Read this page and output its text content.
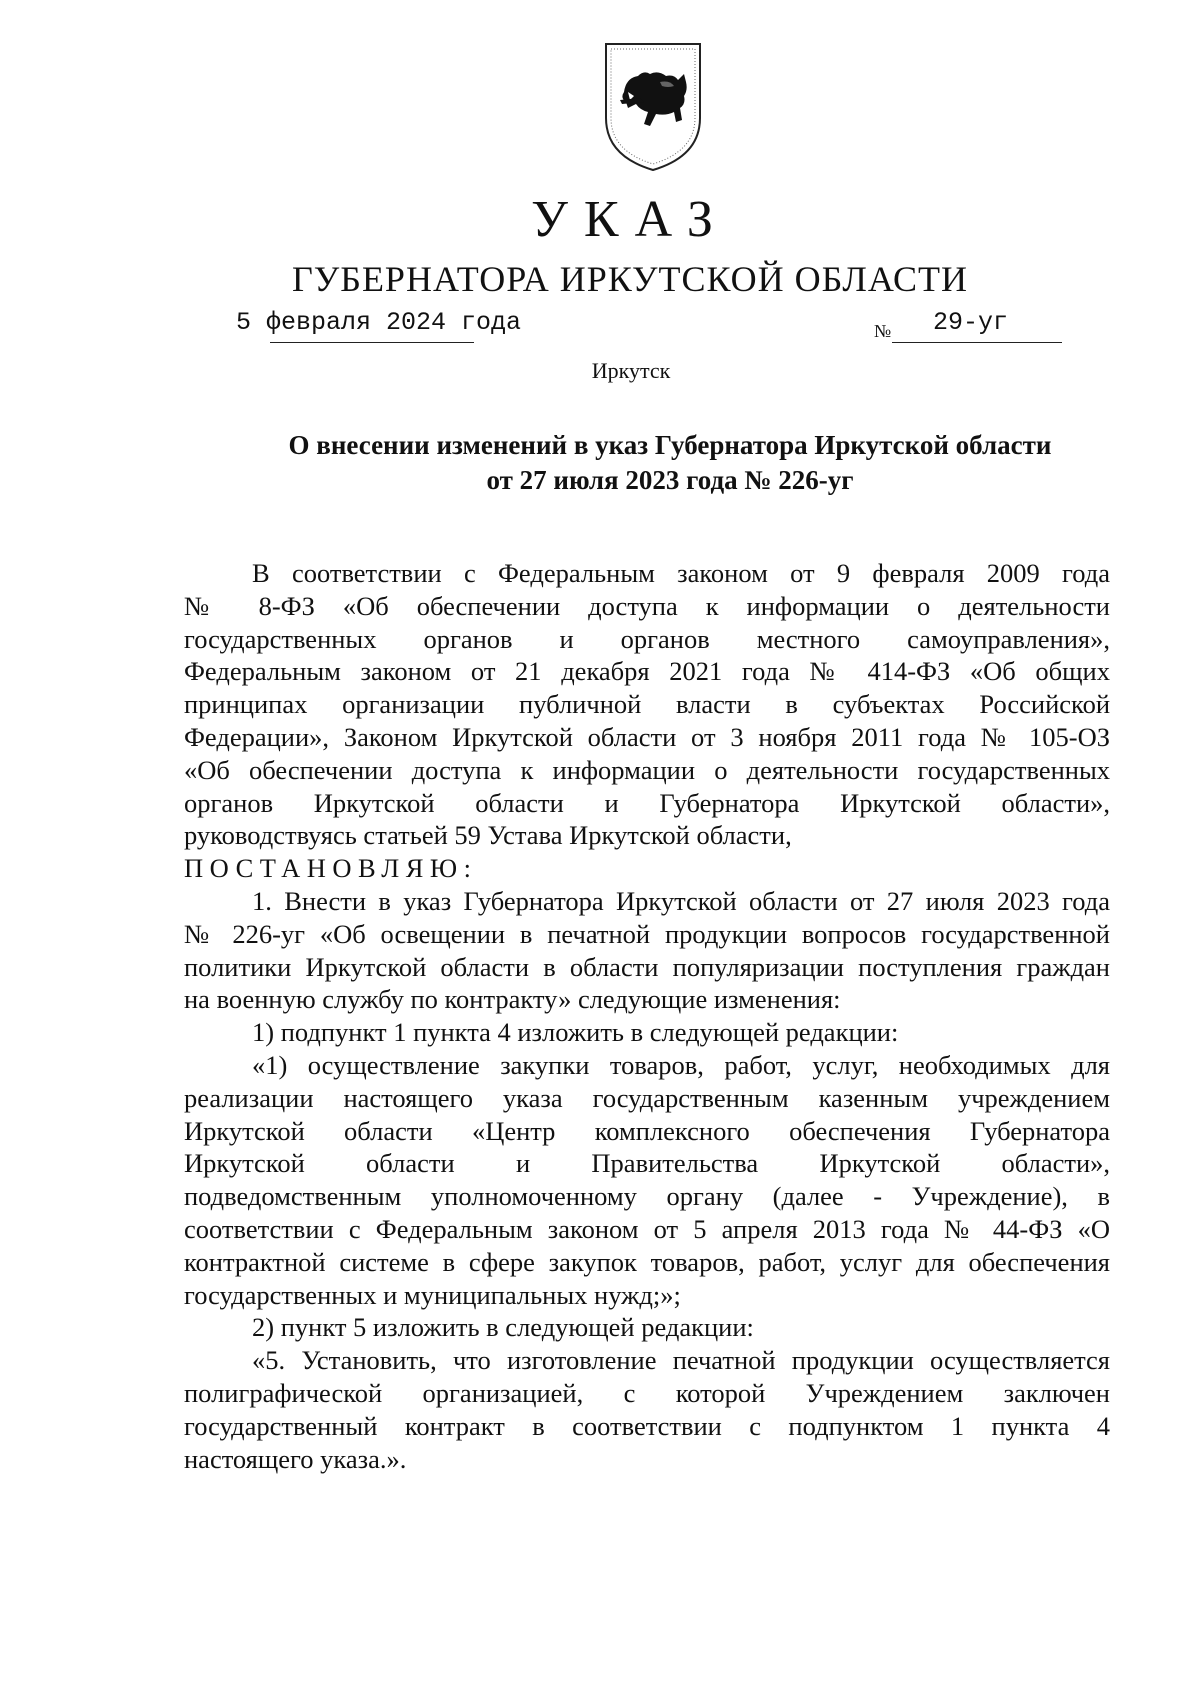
УКАЗ
ГУБЕРНАТОРА ИРКУТСКОЙ ОБЛАСТИ
5 февраля 2024 года	№ 29-уг
Иркутск
О внесении изменений в указ Губернатора Иркутской области
от 27 июля 2023 года № 226-уг
В соответствии с Федеральным законом от 9 февраля 2009 года
№ 8-ФЗ «Об обеспечении доступа к информации о деятельности
государственных органов и органов местного самоуправления»,
Федеральным законом от 21 декабря 2021 года № 414-ФЗ «Об общих
принципах организации публичной власти в субъектах Российской
Федерации», Законом Иркутской области от 3 ноября 2011 года № 105-ОЗ
«Об обеспечении доступа к информации о деятельности государственных
органов Иркутской области и Губернатора Иркутской области»,
руководствуясь статьей 59 Устава Иркутской области,
ПОСТАНОВЛЯЮ:
1. Внести в указ Губернатора Иркутской области от 27 июля 2023 года
№ 226-уг «Об освещении в печатной продукции вопросов государственной
политики Иркутской области в области популяризации поступления граждан
на военную службу по контракту» следующие изменения:
1) подпункт 1 пункта 4 изложить в следующей редакции:
«1) осуществление закупки товаров, работ, услуг, необходимых для
реализации настоящего указа государственным казенным учреждением
Иркутской области «Центр комплексного обеспечения Губернатора
Иркутской области и Правительства Иркутской области»,
подведомственным уполномоченному органу (далее - Учреждение), в
соответствии с Федеральным законом от 5 апреля 2013 года № 44-ФЗ «О
контрактной системе в сфере закупок товаров, работ, услуг для обеспечения
государственных и муниципальных нужд;»;
2) пункт 5 изложить в следующей редакции:
«5. Установить, что изготовление печатной продукции осуществляется
полиграфической организацией, с которой Учреждением заключен
государственный контракт в соответствии с подпунктом 1 пункта 4
настоящего указа.».
